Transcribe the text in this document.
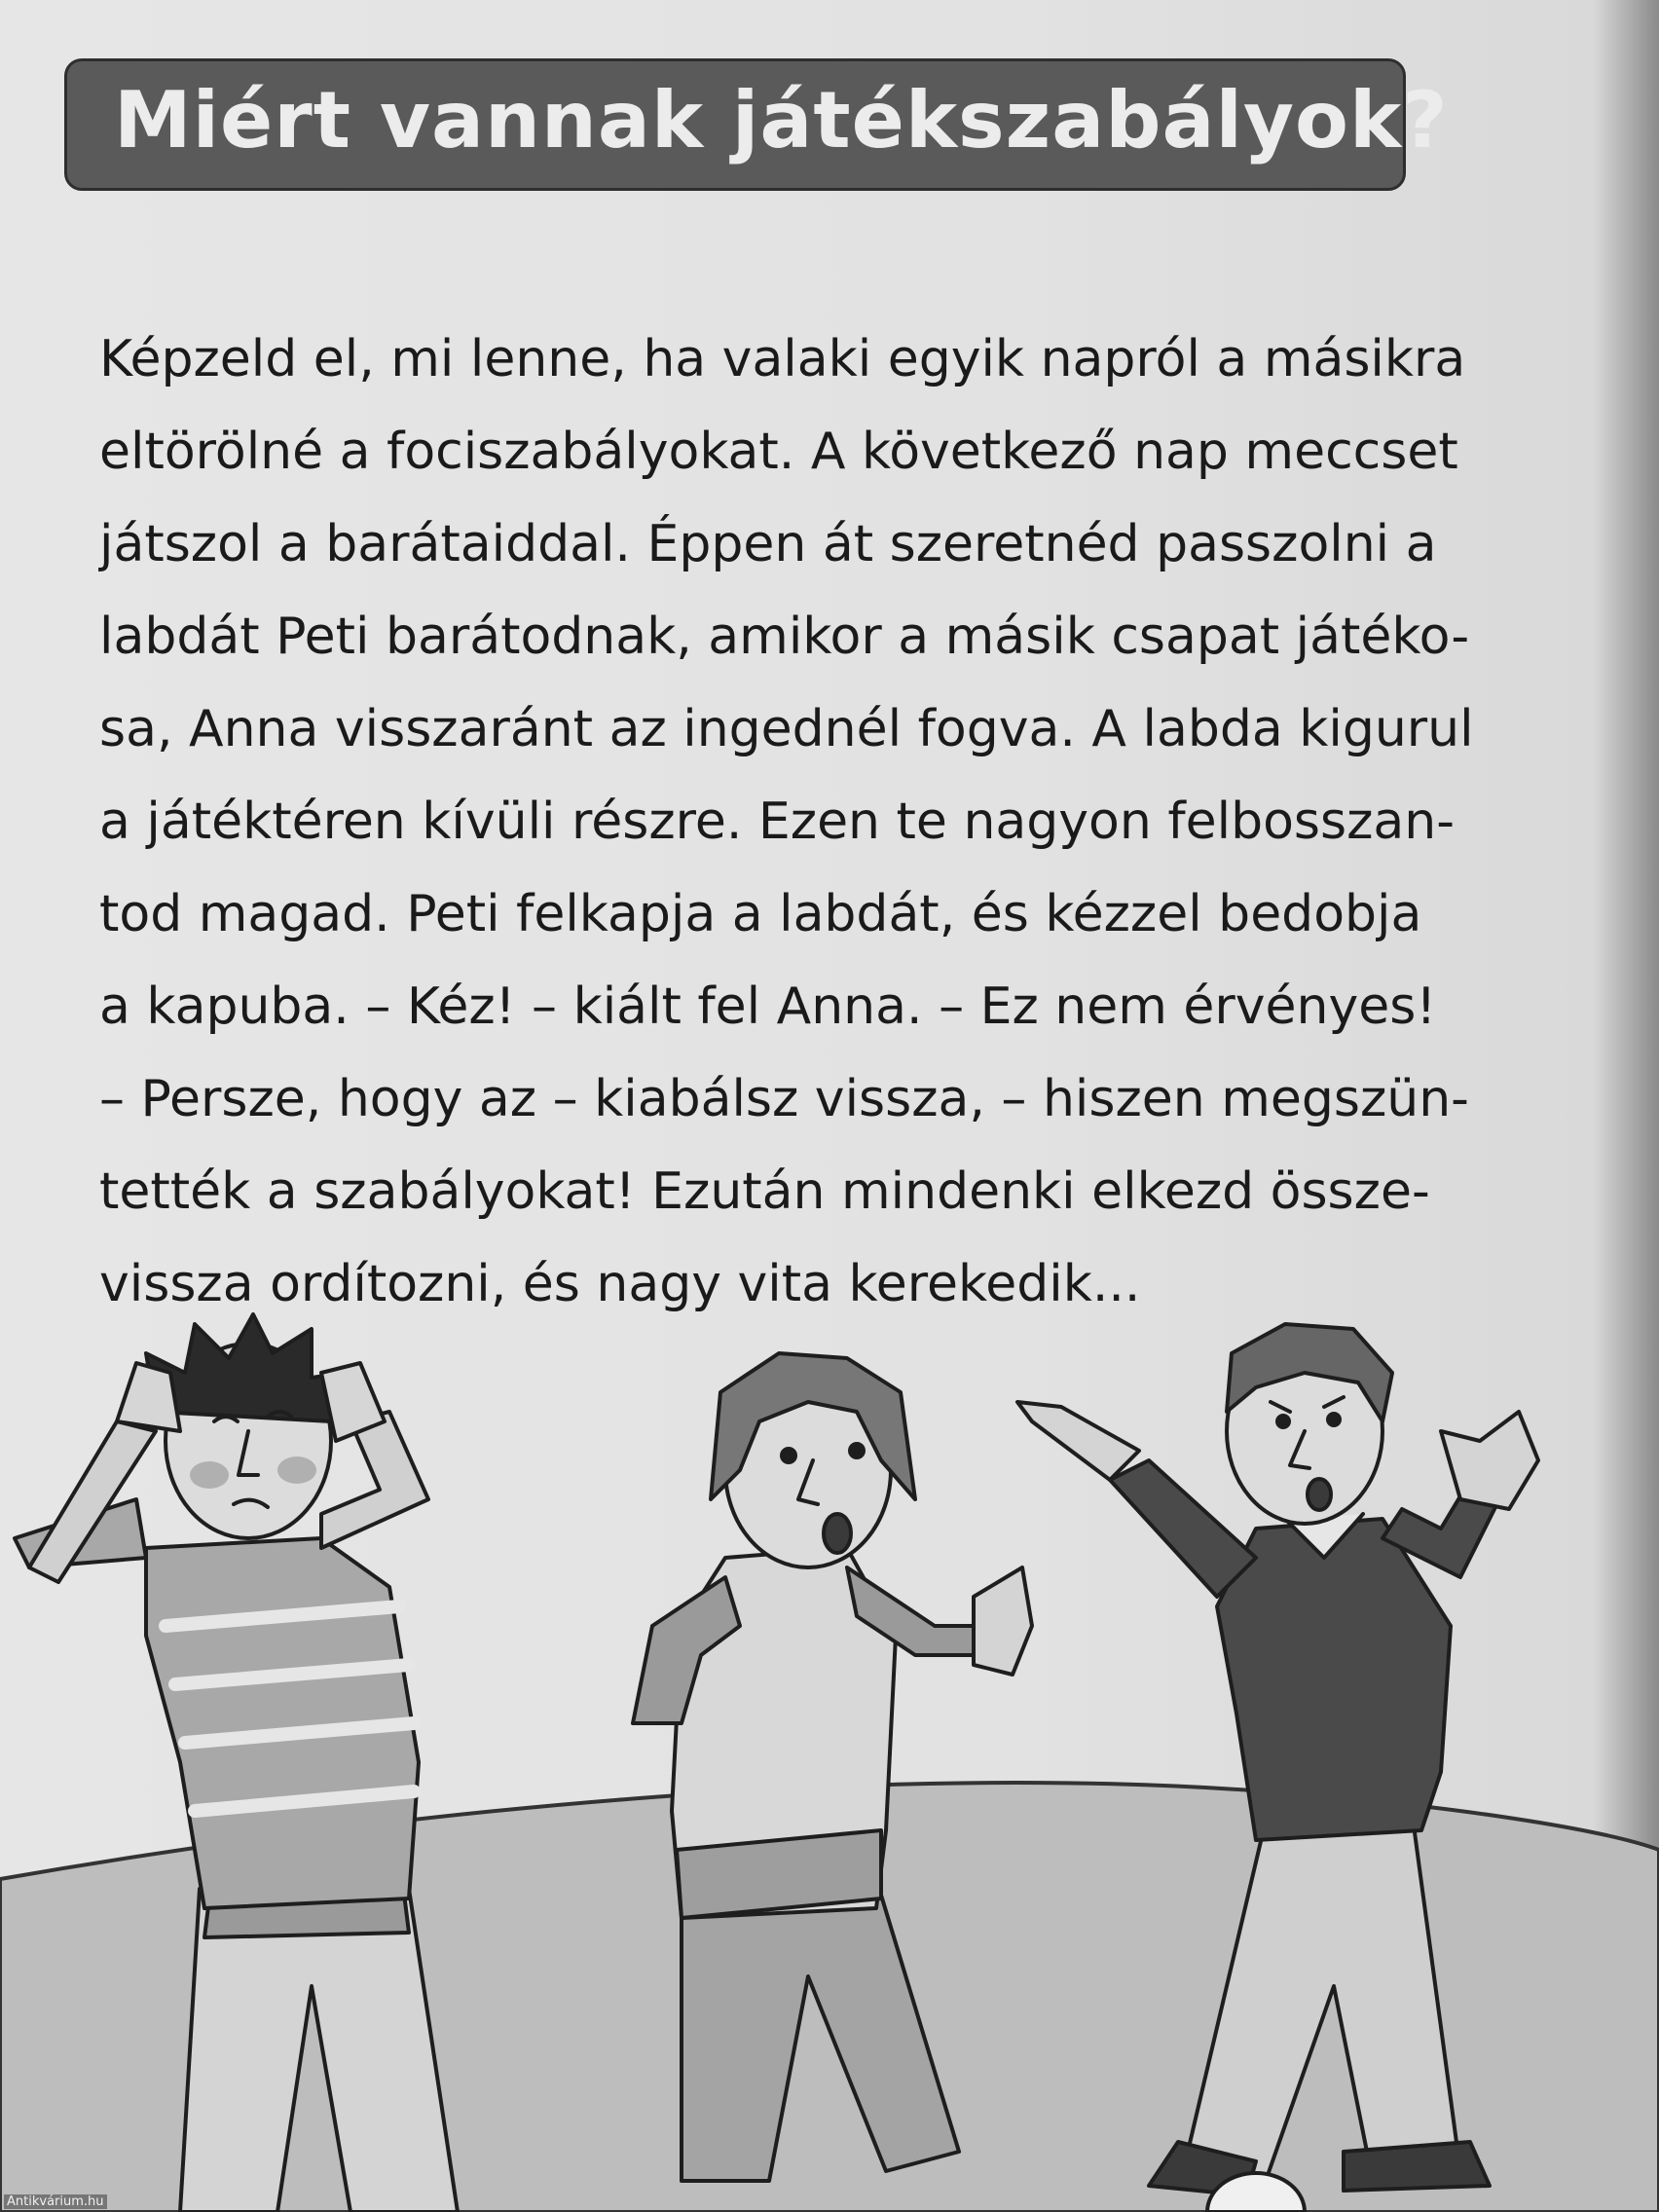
Miért vannak játékszabályok?
Képzeld el, mi lenne, ha valaki egyik napról a másikra
eltörölné a fociszabályokat. A következő nap meccset
játszol a barátaiddal. Éppen át szeretnéd passzolni a
labdát Peti barátodnak, amikor a másik csapat játéko-
sa, Anna visszaránt az ingednél fogva. A labda kigurul
a játéktéren kívüli részre. Ezen te nagyon felbosszan-
tod magad. Peti felkapja a labdát, és kézzel bedobja
a kapuba. – Kéz! – kiált fel Anna. – Ez nem érvényes!
– Persze, hogy az – kiabálsz vissza, – hiszen megszün-
tették a szabályokat! Ezután mindenki elkezd össze-
vissza ordítozni, és nagy vita kerekedik...
Antikvárium.hu
